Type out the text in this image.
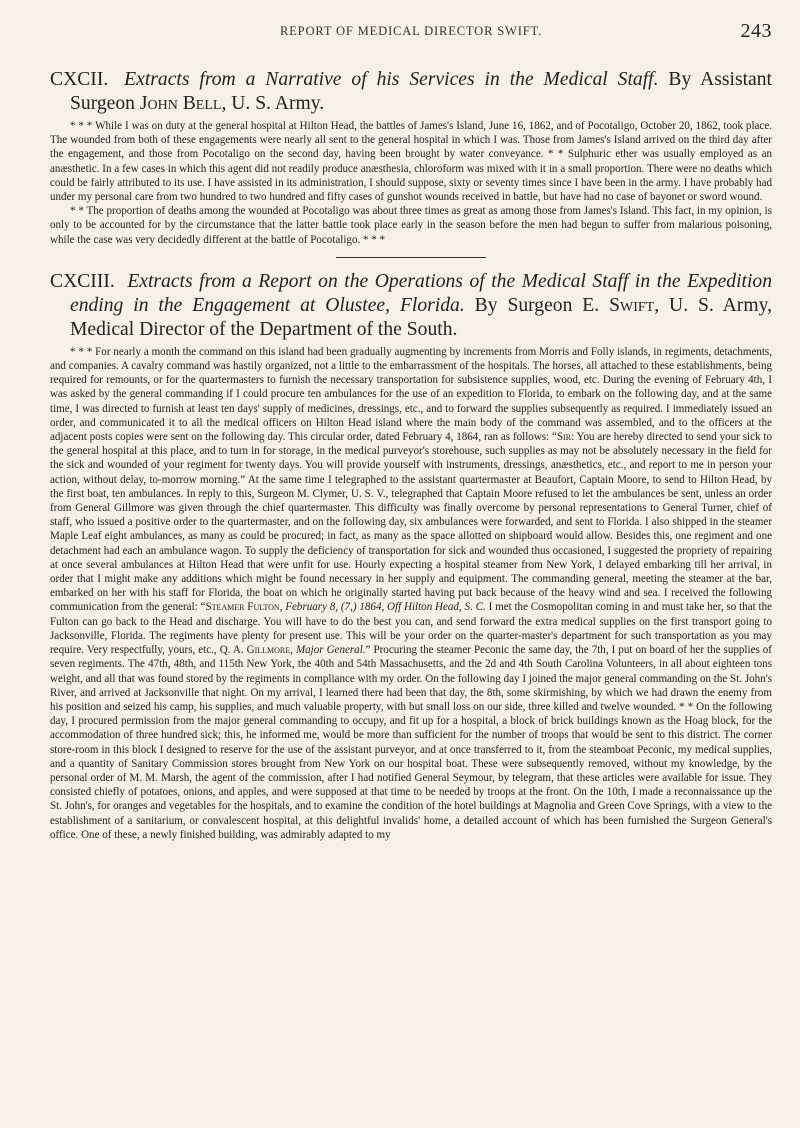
REPORT OF MEDICAL DIRECTOR SWIFT.	243
CXCII. Extracts from a Narrative of his Services in the Medical Staff. By Assistant Surgeon John Bell, U. S. Army.

* * * While I was on duty at the general hospital at Hilton Head, the battles of James's Island, June 16, 1862, and of Pocotaligo, October 20, 1862, took place. The wounded from both of these engagements were nearly all sent to the general hospital in which I was. Those from James's Island arrived on the third day after the engagement, and those from Pocotaligo on the second day, having been brought by water conveyance. * * Sulphuric ether was usually employed as an anæsthetic. In a few cases in which this agent did not readily produce anæsthesia, chloroform was mixed with it in a small proportion. There were no deaths which could be fairly attributed to its use. I have assisted in its administration, I should suppose, sixty or seventy times since I have been in the army. I have probably had under my personal care from two hundred to two hundred and fifty cases of gunshot wounds received in battle, but have had no case of bayonet or sword wound.

* * The proportion of deaths among the wounded at Pocotaligo was about three times as great as among those from James's Island. This fact, in my opinion, is only to be accounted for by the circumstance that the latter battle took place early in the season before the men had begun to suffer from malarious poisoning, while the case was very decidedly different at the battle of Pocotaligo. * * *

CXCIII. Extracts from a Report on the Operations of the Medical Staff in the Expedition ending in the Engagement at Olustee, Florida. By Surgeon E. Swift, U. S. Army, Medical Director of the Department of the South.

* * * For nearly a month the command on this island had been gradually augmenting by increments from Morris and Folly islands, in regiments, detachments, and companies. A cavalry command was hastily organized, not a little to the embarrassment of the hospitals. The horses, all attached to these establishments, being required for remounts, or for the quartermasters to furnish the necessary transportation for subsistence supplies, wood, etc. During the evening of February 4th, I was asked by the general commanding if I could procure ten ambulances for the use of an expedition to Florida, to embark on the following day, and at the same time, I was directed to furnish at least ten days' supply of medicines, dressings, etc., and to forward the supplies subsequently as required. I immediately issued an order, and communicated it to all the medical officers on Hilton Head island where the main body of the command was assembled, and to the officers at the adjacent posts copies were sent on the following day. This circular order, dated February 4, 1864, ran as follows: “Sir: You are hereby directed to send your sick to the general hospital at this place, and to turn in for storage, in the medical purveyor's storehouse, such supplies as may not be absolutely necessary in the field for the sick and wounded of your regiment for twenty days. You will provide yourself with instruments, dressings, anæsthetics, etc., and report to me in person your action, without delay, to-morrow morning.” At the same time I telegraphed to the assistant quartermaster at Beaufort, Captain Moore, to send to Hilton Head, by the first boat, ten ambulances. In reply to this, Surgeon M. Clymer, U. S. V., telegraphed that Captain Moore refused to let the ambulances be sent, unless an order from General Gillmore was given through the chief quartermaster. This difficulty was finally overcome by personal representations to General Turner, chief of staff, who issued a positive order to the quartermaster, and on the following day, six ambulances were forwarded, and sent to Florida. I also shipped in the steamer Maple Leaf eight ambulances, as many as could be procured; in fact, as many as the space allotted on shipboard would allow. Besides this, one regiment and one detachment had each an ambulance wagon. To supply the deficiency of transportation for sick and wounded thus occasioned, I suggested the propriety of repairing at once several ambulances at Hilton Head that were unfit for use. Hourly expecting a hospital steamer from New York, I delayed embarking till her arrival, in order that I might make any additions which might be found necessary in her supply and equipment. The commanding general, meeting the steamer at the bar, embarked on her with his staff for Florida, the boat on which he originally started having put back because of the heavy wind and sea. I received the following communication from the general: “Steamer Fulton, February 8, (7,) 1864, Off Hilton Head, S. C. I met the Cosmopolitan coming in and must take her, so that the Fulton can go back to the Head and discharge. You will have to do the best you can, and send forward the extra medical supplies on the first transport going to Jacksonville, Florida. The regiments have plenty for present use. This will be your order on the quarter-master's department for such transportation as you may require. Very respectfully, yours, etc., Q. A. Gillmore, Major General.” Procuring the steamer Peconic the same day, the 7th, I put on board of her the supplies of seven regiments. The 47th, 48th, and 115th New York, the 40th and 54th Massachusetts, and the 2d and 4th South Carolina Volunteers, in all about eighteen tons weight, and all that was found stored by the regiments in compliance with my order. On the following day I joined the major general commanding on the St. John's River, and arrived at Jacksonville that night. On my arrival, I learned there had been that day, the 8th, some skirmishing, by which we had drawn the enemy from his position and seized his camp, his supplies, and much valuable property, with but small loss on our side, three killed and twelve wounded. * * On the following day, I procured permission from the major general commanding to occupy, and fit up for a hospital, a block of brick buildings known as the Hoag block, for the accommodation of three hundred sick; this, he informed me, would be more than sufficient for the number of troops that would be sent to this district. The corner store-room in this block I designed to reserve for the use of the assistant purveyor, and at once transferred to it, from the steamboat Peconic, my medical supplies, and a quantity of Sanitary Commission stores brought from New York on our hospital boat. These were subsequently removed, without my knowledge, by the personal order of M. M. Marsh, the agent of the commission, after I had notified General Seymour, by telegram, that these articles were available for issue. They consisted chiefly of potatoes, onions, and apples, and were supposed at that time to be needed by troops at the front. On the 10th, I made a reconnaissance up the St. John's, for oranges and vegetables for the hospitals, and to examine the condition of the hotel buildings at Magnolia and Green Cove Springs, with a view to the establishment of a sanitarium, or convalescent hospital, at this delightful invalids' home, a detailed account of which has been furnished the Surgeon General's office. One of these, a newly finished building, was admirably adapted to my
